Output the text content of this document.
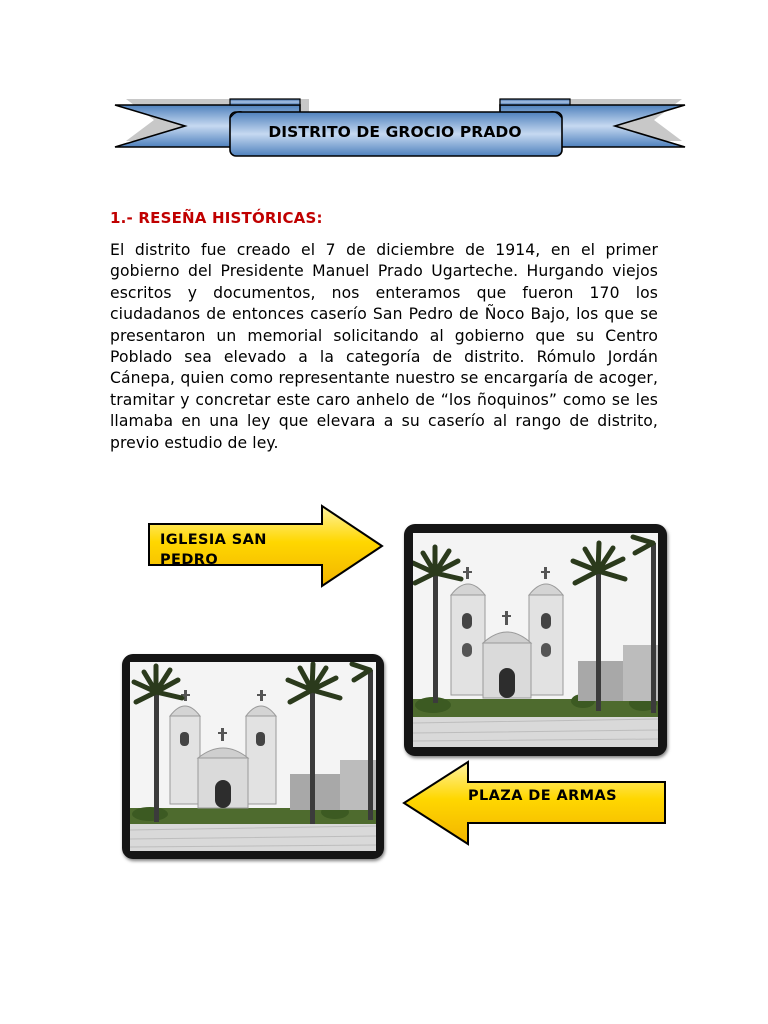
DISTRITO DE GROCIO PRADO
1.- RESEÑA HISTÓRICAS:
El distrito fue creado el 7 de diciembre de 1914, en el primer gobierno del Presidente Manuel Prado Ugarteche. Hurgando viejos escritos y documentos, nos enteramos que fueron 170 los ciudadanos de entonces caserío San Pedro de Ñoco Bajo, los que se presentaron un memorial solicitando al gobierno que su Centro Poblado sea elevado a la categoría de distrito. Rómulo Jordán Cánepa, quien como representante nuestro se encargaría de acoger, tramitar y concretar este caro anhelo de “los ñoquinos” como se les llamaba en una ley que elevara a su caserío al rango de distrito, previo estudio de ley.
IGLESIA SAN PEDRO
PLAZA DE ARMAS
